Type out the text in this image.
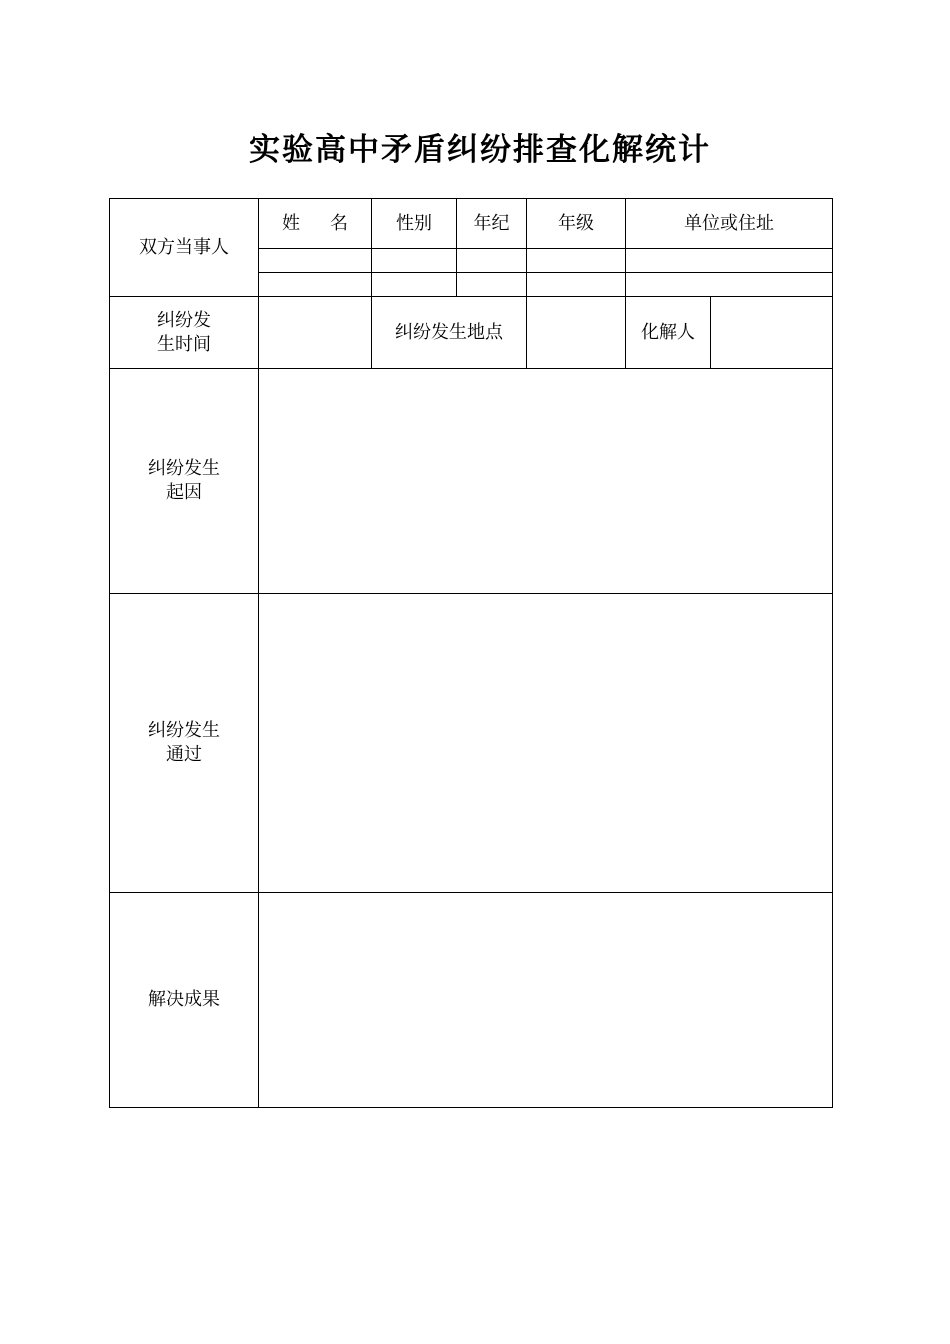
实验高中矛盾纠纷排查化解统计
双方当事人	姓 名	性别	年纪	年级	单位或住址	

纠纷发
生时间		纠纷发生地点			化解人	

纠纷发生
起因						

纠纷发生
通过						

解决成果						
